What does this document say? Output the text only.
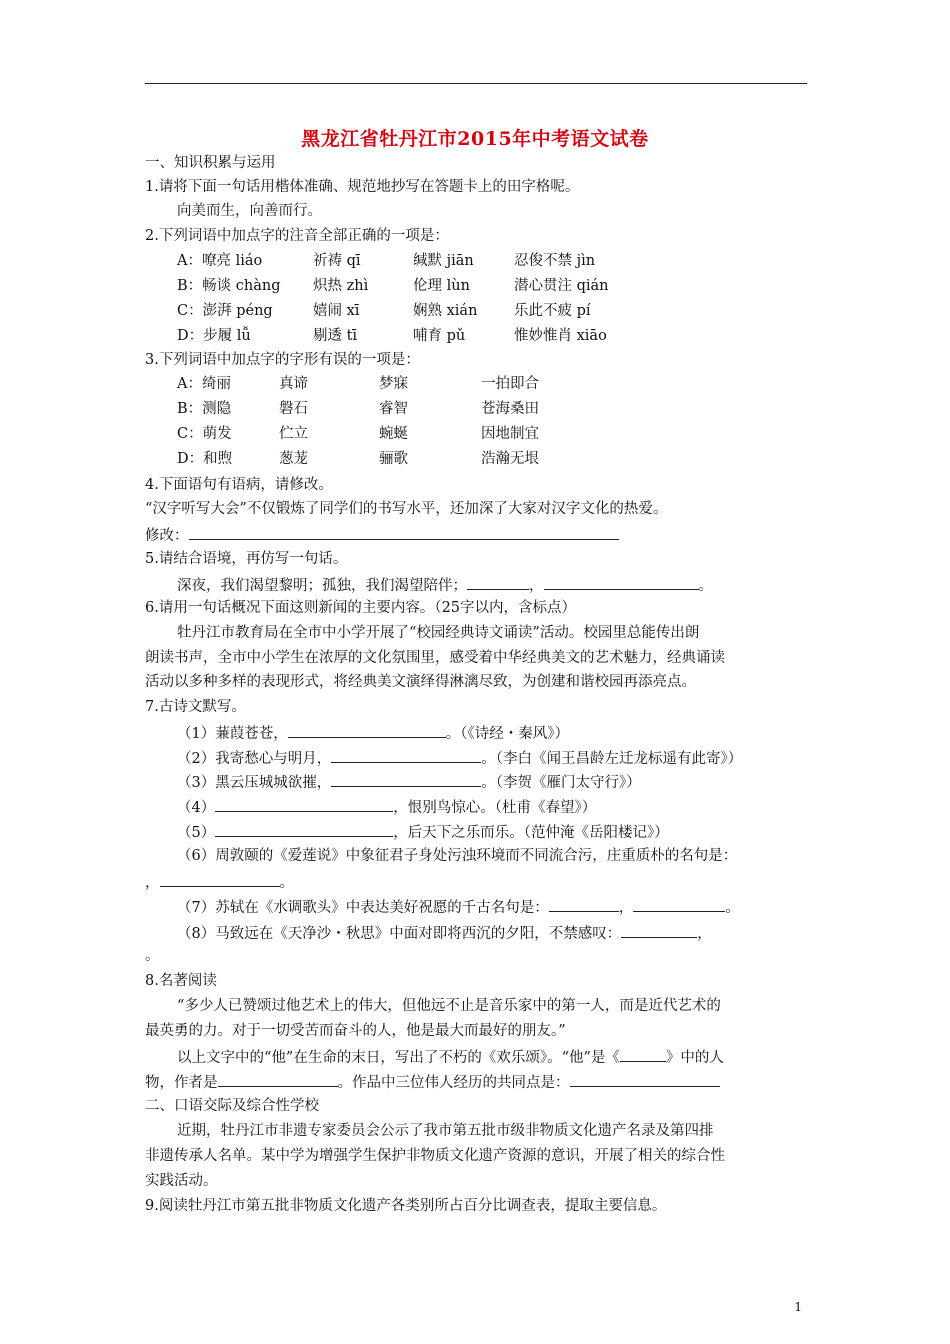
黑龙江省牡丹江市2015年中考语文试卷
一、知识积累与运用
1.请将下面一句话用楷体准确、规范地抄写在答题卡上的田字格呢。
向美而生，向善而行。
2.下列词语中加点字的注音全部正确的一项是：
A：嘹亮 liáo	祈祷 qī	缄默 jiān	忍俊不禁 jìn
B：畅谈 chàng 炽热 zhì	伦理 lùn	潜心贯注 qián
C：澎湃 péng	嬉闹 xī	娴熟 xián	乐此不疲 pí
D：步履 lǚ	剔透 tī	哺育 pǔ	惟妙惟肖 xiāo
3.下列词语中加点字的字形有误的一项是：
A：绮丽	真谛	梦寐	一拍即合
B：测隐	磐石	睿智	苍海桑田
C：萌发	伫立	蜿蜒	因地制宜
D：和煦	葱茏	骊歌	浩瀚无垠
4.下面语句有语病，请修改。
“汉字听写大会”不仅锻炼了同学们的书写水平，还加深了大家对汉字文化的热爱。
修改：
5.请结合语境，再仿写一句话。
深夜，我们渴望黎明；孤独，我们渴望陪伴；	，	。
6.请用一句话概况下面这则新闻的主要内容。（25字以内，含标点）
牡丹江市教育局在全市中小学开展了“校园经典诗文诵读”活动。校园里总能传出朗
朗读书声，全市中小学生在浓厚的文化氛围里，感受着中华经典美文的艺术魅力，经典诵读
活动以多种多样的表现形式，将经典美文演绎得淋漓尽致，为创建和谐校园再添亮点。
7.古诗文默写。
（1）蒹葭苍苍，	。（《诗经・秦风》）
（2）我寄愁心与明月，	。（李白《闻王昌龄左迁龙标遥有此寄》）
（3）黑云压城城欲摧，	。（李贺《雁门太守行》）
（4）	，恨别鸟惊心。（杜甫《春望》）
（5）	，后天下之乐而乐。（范仲淹《岳阳楼记》）
（6）周敦颐的《爱莲说》中象征君子身处污浊环境而不同流合污，庄重质朴的名句是：
，	。
（7）苏轼在《水调歌头》中表达美好祝愿的千古名句是：	，	。
（8）马致远在《天净沙・秋思》中面对即将西沉的夕阳，不禁感叹：	，
。
8.名著阅读
“多少人已赞颂过他艺术上的伟大，但他远不止是音乐家中的第一人，而是近代艺术的
最英勇的力。对于一切受苦而奋斗的人，他是最大而最好的朋友。”
以上文字中的“他”在生命的末日，写出了不朽的《欢乐颂》。“他”是《	》中的人
物，作者是	。作品中三位伟人经历的共同点是：
二、口语交际及综合性学校
近期，牡丹江市非遗专家委员会公示了我市第五批市级非物质文化遗产名录及第四排
非遗传承人名单。某中学为增强学生保护非物质文化遗产资源的意识，开展了相关的综合性
实践活动。
9.阅读牡丹江市第五批非物质文化遗产各类别所占百分比调查表，提取主要信息。
1
